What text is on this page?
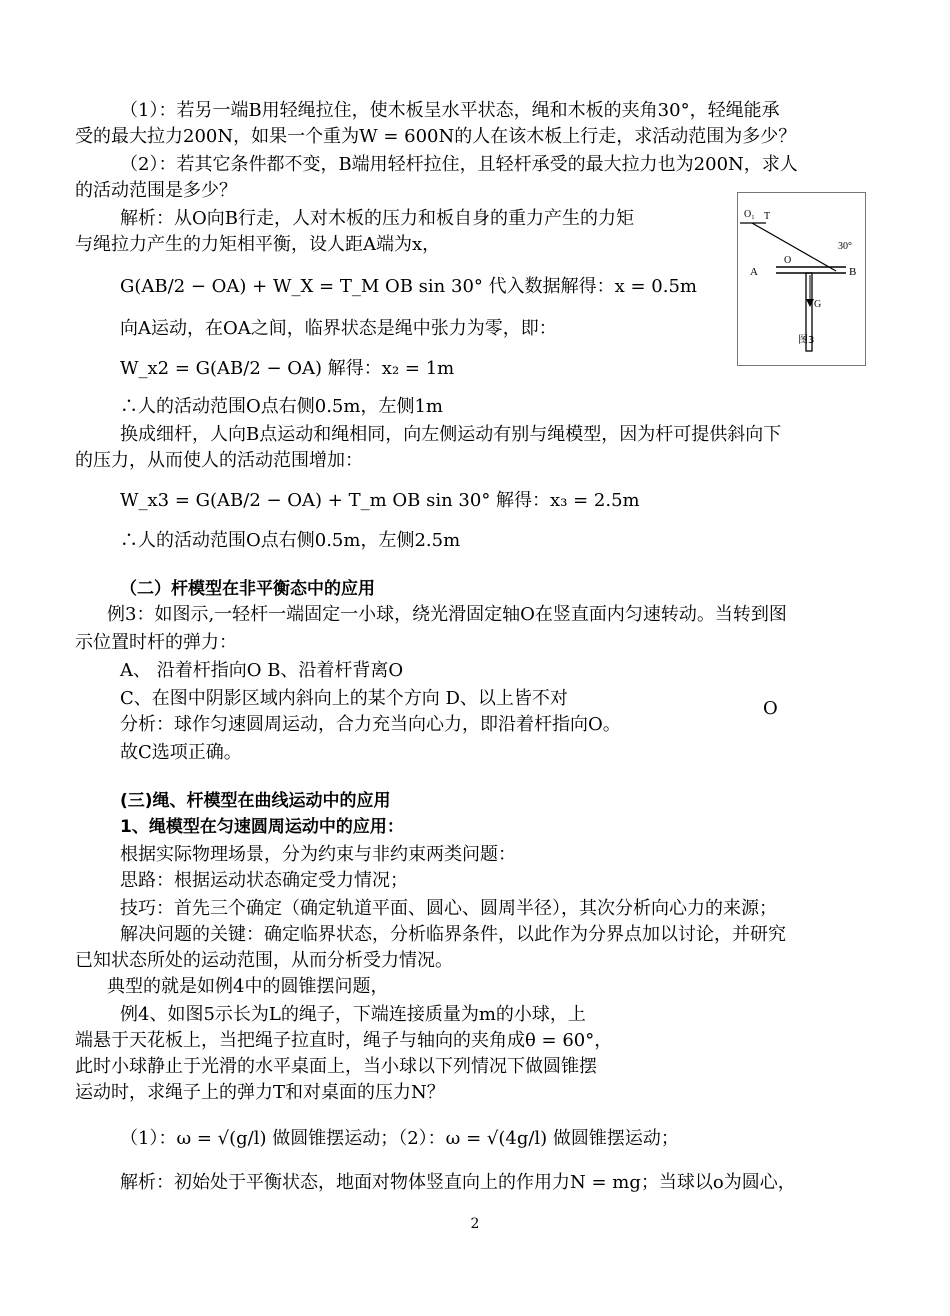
（1）：若另一端B用轻绳拉住，使木板呈水平状态，绳和木板的夹角30°，轻绳能承
受的最大拉力200N，如果一个重为W = 600N的人在该木板上行走，求活动范围为多少？
（2）：若其它条件都不变，B端用轻杆拉住，且轻杆承受的最大拉力也为200N，求人
的活动范围是多少？
解析：从O向B行走，人对木板的压力和板自身的重力产生的力矩
与绳拉力产生的力矩相平衡，设人距A端为x，
G(AB/2 − OA) + W_X = T_M OB sin 30° 代入数据解得：x = 0.5m
向A运动，在OA之间，临界状态是绳中张力为零，即：
W_x2 = G(AB/2 − OA) 解得：x₂ = 1m
∴人的活动范围O点右侧0.5m，左侧1m
换成细杆，人向B点运动和绳相同，向左侧运动有别与绳模型，因为杆可提供斜向下
的压力，从而使人的活动范围增加：
W_x3 = G(AB/2 − OA) + T_m OB sin 30° 解得：x₃ = 2.5m
∴人的活动范围O点右侧0.5m，左侧2.5m
（二）杆模型在非平衡态中的应用
例3：如图示,一轻杆一端固定一小球，绕光滑固定轴O在竖直面内匀速转动。当转到图
示位置时杆的弹力：
A、 沿着杆指向O B、沿着杆背离O
C、在图中阴影区域内斜向上的某个方向 D、以上皆不对
分析：球作匀速圆周运动，合力充当向心力，即沿着杆指向O。
故C选项正确。
(三)绳、杆模型在曲线运动中的应用
1、绳模型在匀速圆周运动中的应用：
根据实际物理场景，分为约束与非约束两类问题：
思路：根据运动状态确定受力情况；
技巧：首先三个确定（确定轨道平面、圆心、圆周半径），其次分析向心力的来源；
解决问题的关键：确定临界状态，分析临界条件，以此作为分界点加以讨论，并研究
已知状态所处的运动范围，从而分析受力情况。
典型的就是如例4中的圆锥摆问题，
例4、如图5示长为L的绳子，下端连接质量为m的小球，上
端悬于天花板上，当把绳子拉直时，绳子与轴向的夹角成θ = 60°，
此时小球静止于光滑的水平桌面上，当小球以下列情况下做圆锥摆
运动时，求绳子上的弹力T和对桌面的压力N？
（1）：ω = √(g/l) 做圆锥摆运动；（2）：ω = √(4g/l) 做圆锥摆运动；
解析：初始处于平衡状态，地面对物体竖直向上的作用力N = mg；当球以o为圆心，
O₁ T
30°
O
A	B
G
图3
O
2
